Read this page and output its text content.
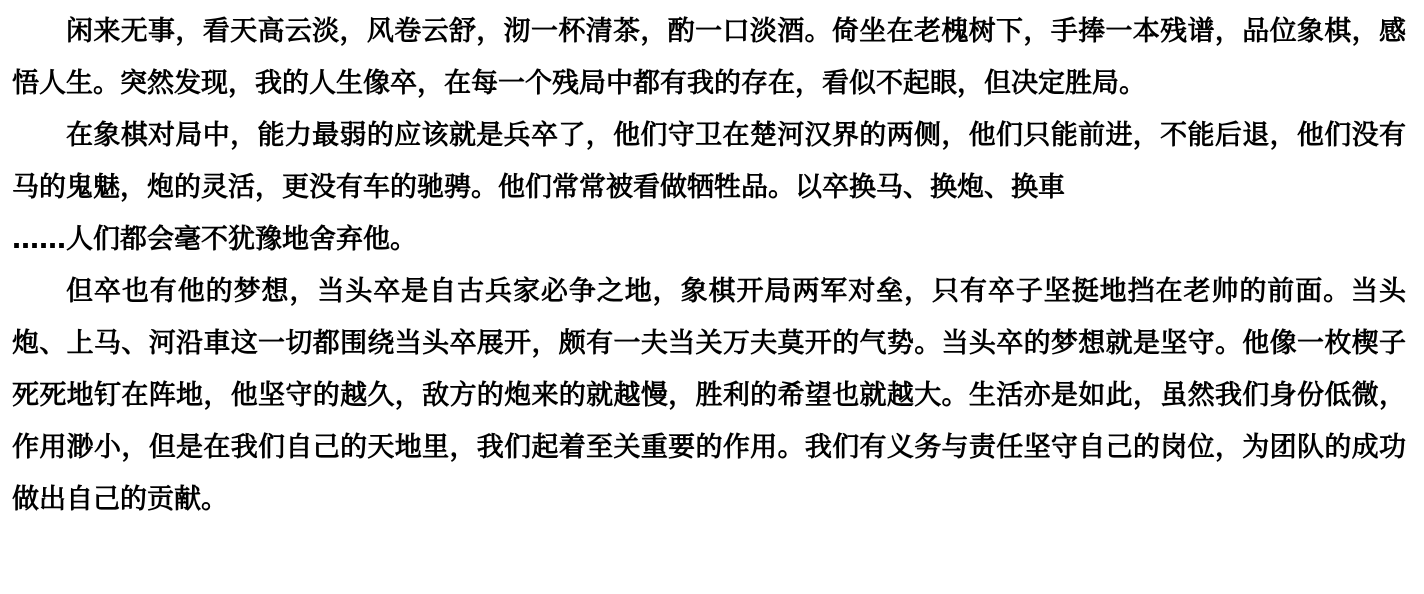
闲来无事，看天高云淡，风卷云舒，沏一杯清茶，酌一口淡酒。倚坐在老槐树下，手捧一本残谱，品位象棋，感悟人生。突然发现，我的人生像卒，在每一个残局中都有我的存在，看似不起眼，但决定胜局。

在象棋对局中，能力最弱的应该就是兵卒了，他们守卫在楚河汉界的两侧，他们只能前进，不能后退，他们没有马的鬼魅，炮的灵活，更没有车的驰骋。他们常常被看做牺牲品。以卒换马、换炮、换車

……人们都会毫不犹豫地舍弃他。

但卒也有他的梦想，当头卒是自古兵家必争之地，象棋开局两军对垒，只有卒子坚挺地挡在老帅的前面。当头炮、上马、河沿車这一切都围绕当头卒展开，颇有一夫当关万夫莫开的气势。当头卒的梦想就是坚守。他像一枚楔子死死地钉在阵地，他坚守的越久，敌方的炮来的就越慢，胜利的希望也就越大。生活亦是如此，虽然我们身份低微，作用渺小，但是在我们自己的天地里，我们起着至关重要的作用。我们有义务与责任坚守自己的岗位，为团队的成功做出自己的贡献。
